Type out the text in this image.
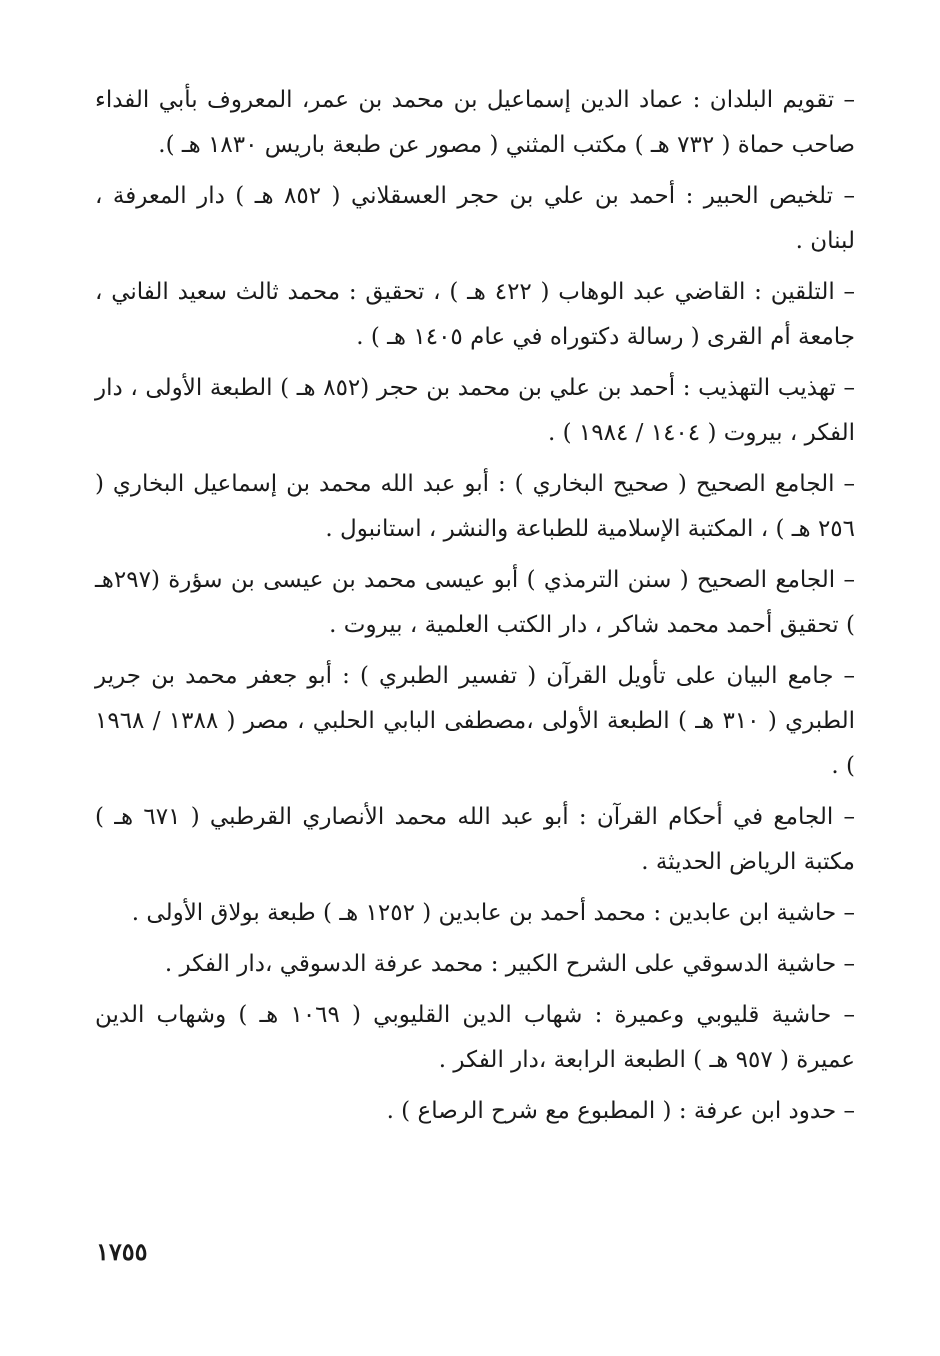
– تقويم البلدان : عماد الدين إسماعيل بن محمد بن عمر، المعروف بأبي الفداء صاحب حماة ( ٧٣٢ هـ ) مكتب المثني ( مصور عن طبعة باريس ١٨٣٠ هـ ).

– تلخيص الحبير : أحمد بن علي بن حجر العسقلاني ( ٨٥٢ هـ ) دار المعرفة ، لبنان .

– التلقين : القاضي عبد الوهاب ( ٤٢٢ هـ ) ، تحقيق : محمد ثالث سعيد الفاني ، جامعة أم القرى ( رسالة دكتوراه في عام ١٤٠٥ هـ ) .

– تهذيب التهذيب : أحمد بن علي بن محمد بن حجر (٨٥٢ هـ ) الطبعة الأولى ، دار الفكر ، بيروت ( ١٤٠٤ / ١٩٨٤ ) .

– الجامع الصحيح ( صحيح البخاري ) : أبو عبد الله محمد بن إسماعيل البخاري ( ٢٥٦ هـ ) ، المكتبة الإسلامية للطباعة والنشر ، استانبول .

– الجامع الصحيح ( سنن الترمذي ) أبو عيسى محمد بن عيسى بن سؤرة (٢٩٧هـ ) تحقيق أحمد محمد شاكر ، دار الكتب العلمية ، بيروت .

– جامع البيان على تأويل القرآن ( تفسير الطبري ) : أبو جعفر محمد بن جرير الطبري ( ٣١٠ هـ ) الطبعة الأولى ،مصطفى البابي الحلبي ، مصر ( ١٣٨٨ / ١٩٦٨ ) .

– الجامع في أحكام القرآن : أبو عبد الله محمد الأنصاري القرطبي ( ٦٧١ هـ ) مكتبة الرياض الحديثة .

– حاشية ابن عابدين : محمد أحمد بن عابدين ( ١٢٥٢ هـ ) طبعة بولاق الأولى .

– حاشية الدسوقي على الشرح الكبير : محمد عرفة الدسوقي ،دار الفكر .

– حاشية قليوبي وعميرة : شهاب الدين القليوبي ( ١٠٦٩ هـ ) وشهاب الدين عميرة ( ٩٥٧ هـ ) الطبعة الرابعة ،دار الفكر .

– حدود ابن عرفة : ( المطبوع مع شرح الرصاع ) .

١٧٥٥
